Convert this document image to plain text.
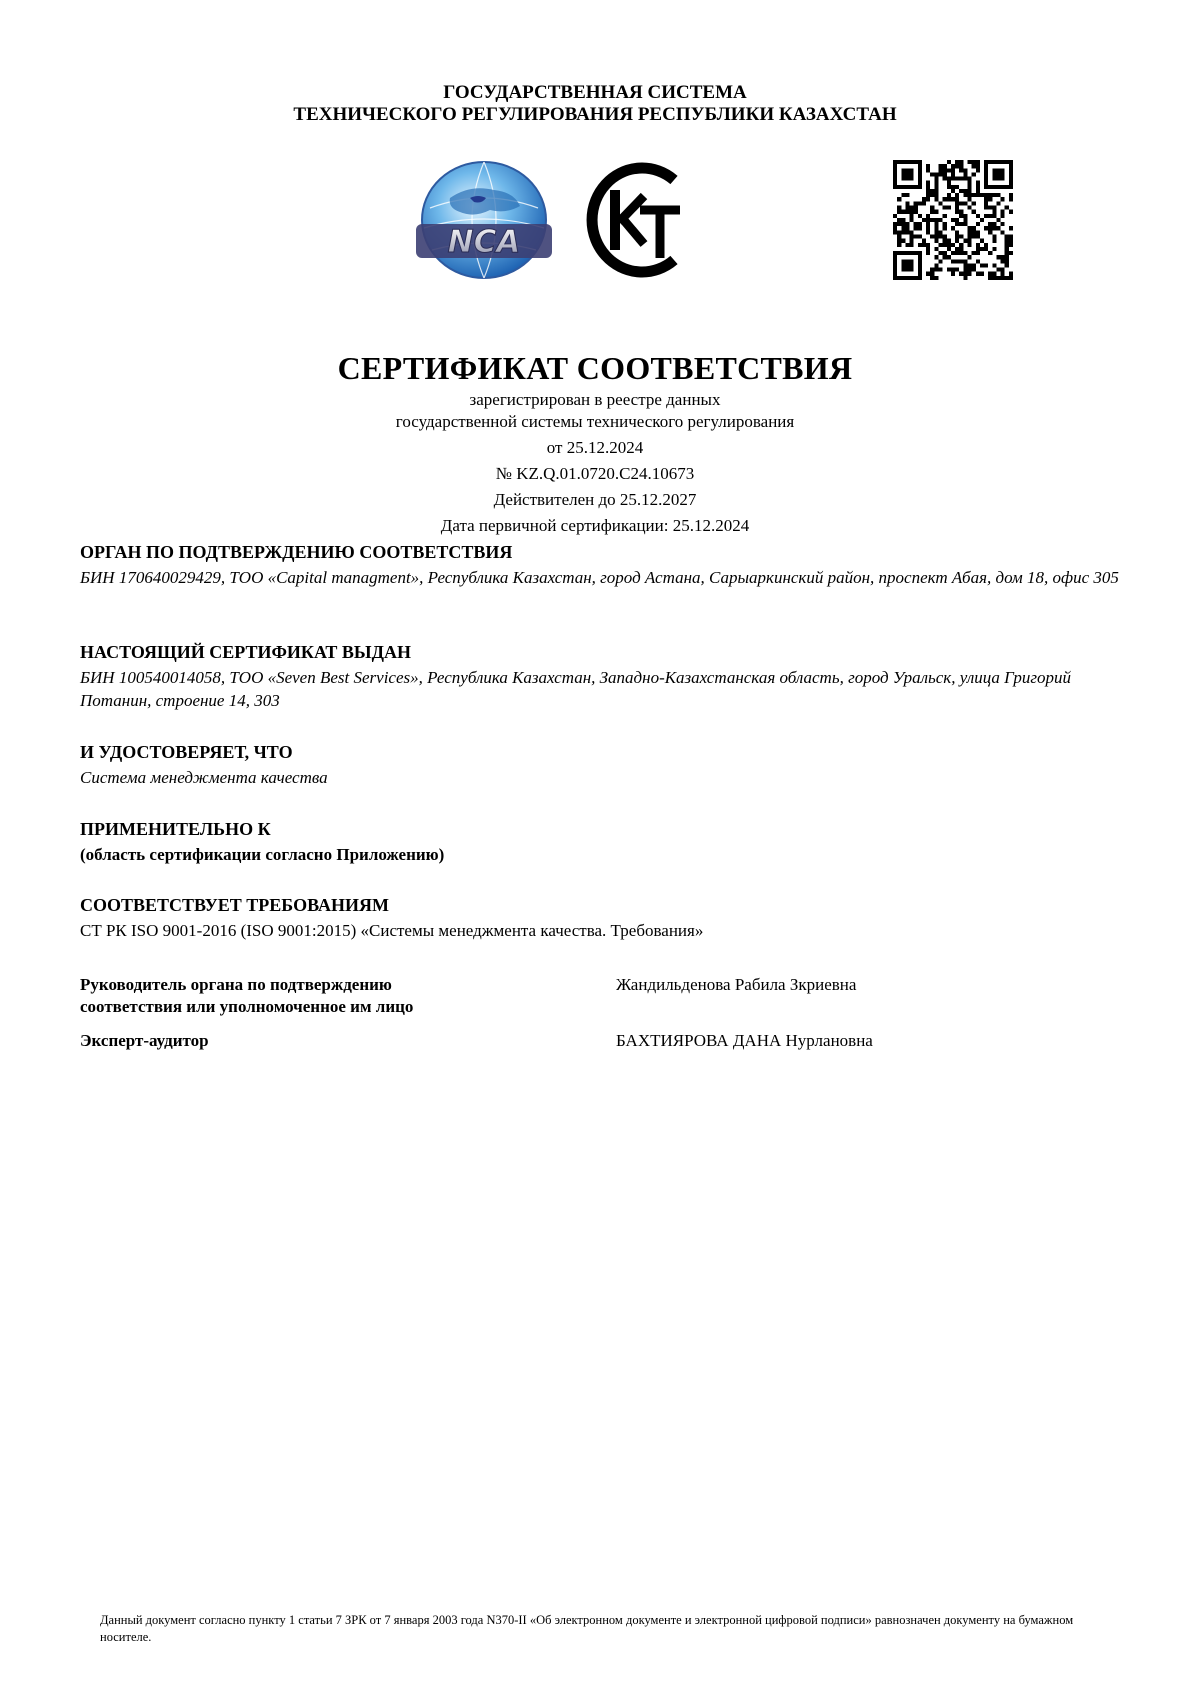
ГОСУДАРСТВЕННАЯ СИСТЕМА
ТЕХНИЧЕСКОГО РЕГУЛИРОВАНИЯ РЕСПУБЛИКИ КАЗАХСТАН
NCA
СЕРТИФИКАТ СООТВЕТСТВИЯ
зарегистрирован в реестре данных
государственной системы технического регулирования
от 25.12.2024
№ KZ.Q.01.0720.C24.10673
Действителен до 25.12.2027
Дата первичной сертификации: 25.12.2024
ОРГАН ПО ПОДТВЕРЖДЕНИЮ СООТВЕТСТВИЯ
БИН 170640029429, ТОО «Capital managment», Республика Казахстан, город Астана, Сарыаркинский район, проспект Абая, дом 18, офис 305
НАСТОЯЩИЙ СЕРТИФИКАТ ВЫДАН
БИН 100540014058, ТОО «Seven Best Services», Республика Казахстан, Западно-Казахстанская область, город Уральск, улица Григорий Потанин, строение 14, 303
И УДОСТОВЕРЯЕТ, ЧТО
Система менеджмента качества
ПРИМЕНИТЕЛЬНО К
(область сертификации согласно Приложению)
СООТВЕТСТВУЕТ ТРЕБОВАНИЯМ
СТ РК ISO 9001-2016 (ISO 9001:2015) «Системы менеджмента качества. Требования»
Руководитель органа по подтверждению
соответствия или уполномоченное им лицо
Жандильденова Рабила Зкриевна
Эксперт-аудитор	БАХТИЯРОВА ДАНА Нурлановна
Данный документ согласно пункту 1 статьи 7 ЗРК от 7 января 2003 года N370-II «Об электронном документе и электронной цифровой подписи» равнозначен документу на бумажном носителе.
